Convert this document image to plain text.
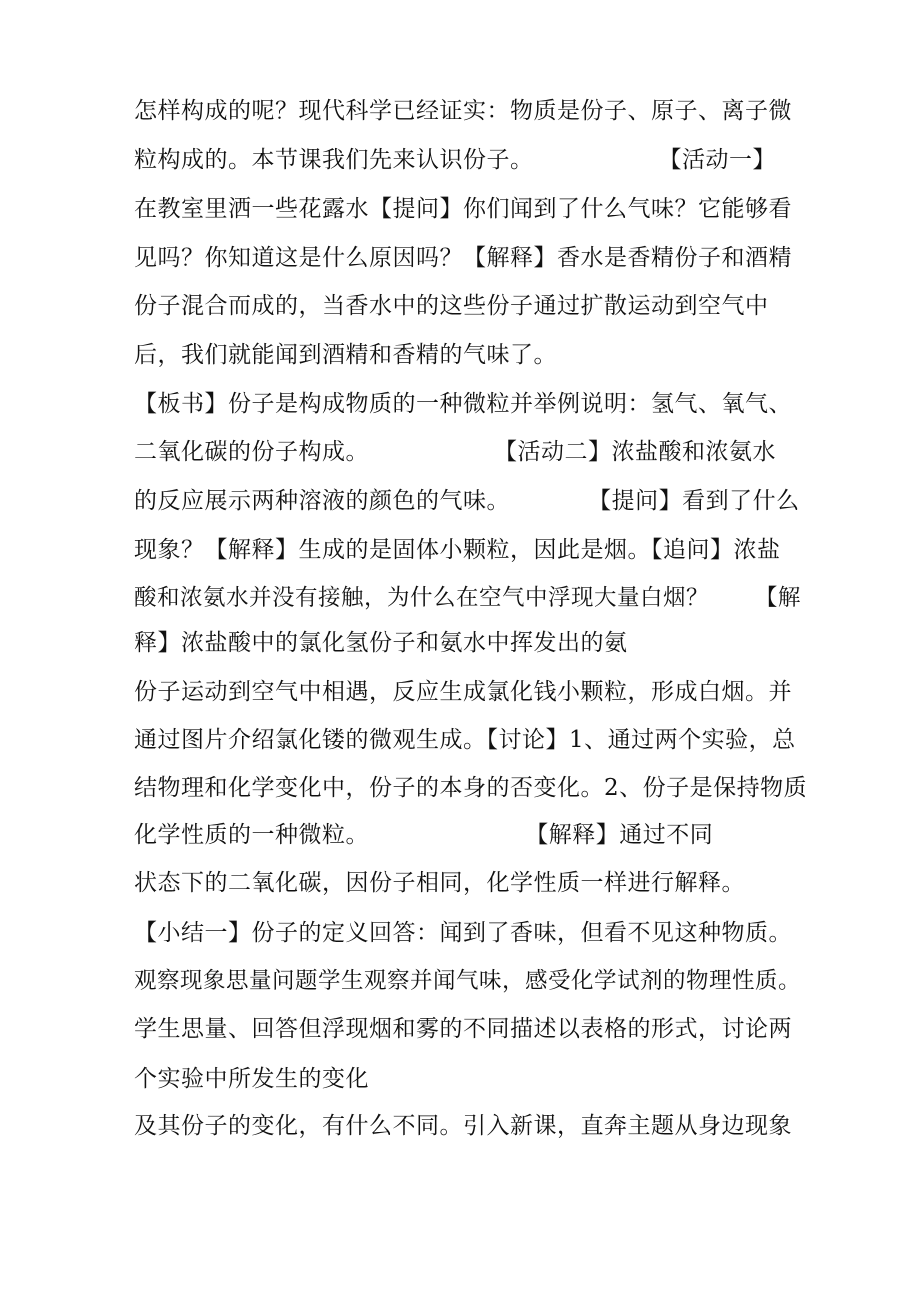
怎样构成的呢？现代科学已经证实：物质是份子、原子、离子微
粒构成的。本节课我们先来认识份子。                【活动一】
在教室里洒一些花露水【提问】你们闻到了什么气味？它能够看
见吗？你知道这是什么原因吗？【解释】香水是香精份子和酒精
份子混合而成的，当香水中的这些份子通过扩散运动到空气中
后，我们就能闻到酒精和香精的气味了。
【板书】份子是构成物质的一种微粒并举例说明：氢气、氧气、
二氧化碳的份子构成。                【活动二】浓盐酸和浓氨水
的反应展示两种溶液的颜色的气味。          【提问】看到了什么
现象？【解释】生成的是固体小颗粒，因此是烟。【追问】浓盐
酸和浓氨水并没有接触，为什么在空气中浮现大量白烟？      【解
释】浓盐酸中的氯化氢份子和氨水中挥发出的氨
份子运动到空气中相遇，反应生成氯化钱小颗粒，形成白烟。并
通过图片介绍氯化镂的微观生成。【讨论】1、通过两个实验，总
结物理和化学变化中，份子的本身的否变化。2、份子是保持物质
化学性质的一种微粒。                    【解释】通过不同
状态下的二氧化碳，因份子相同，化学性质一样进行解释。
【小结一】份子的定义回答：闻到了香味，但看不见这种物质。
观察现象思量问题学生观察并闻气味，感受化学试剂的物理性质。
学生思量、回答但浮现烟和雾的不同描述以表格的形式，讨论两
个实验中所发生的变化
及其份子的变化，有什么不同。引入新课，直奔主题从身边现象
